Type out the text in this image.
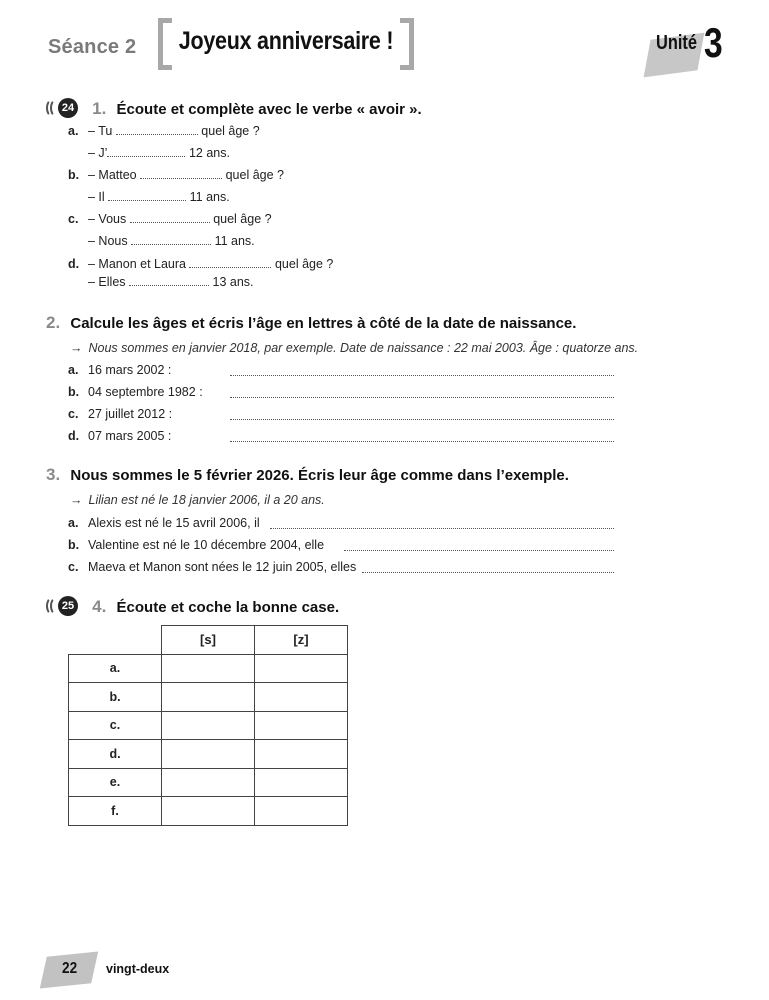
Séance 2 Joyeux anniversaire !	Unité 3
24 1. Écoute et complète avec le verbe « avoir ».
a. – Tu	quel âge ?
– J’	12 ans.
b. – Matteo	quel âge ?
– Il	11 ans.
c. – Vous	quel âge ?
– Nous	11 ans.
d. – Manon et Laura	quel âge ?
– Elles	13 ans.
2. Calcule les âges et écris l’âge en lettres à côté de la date de naissance.
→ Nous sommes en janvier 2018, par exemple. Date de naissance : 22 mai 2003. Âge : quatorze ans.
a. 16 mars 2002 :
b. 04 septembre 1982 :
c. 27 juillet 2012 :
d. 07 mars 2005 :
3. Nous sommes le 5 février 2026. Écris leur âge comme dans l’exemple.
→ Lilian est né le 18 janvier 2006, il a 20 ans.
a. Alexis est né le 15 avril 2006, il
b. Valentine est né le 10 décembre 2004, elle
c. Maeva et Manon sont nées le 12 juin 2005, elles
25 4. Écoute et coche la bonne case.
	[s]	[z]
a.		
b.		
c.		
d.		
e.		
f.		
22 vingt-deux
